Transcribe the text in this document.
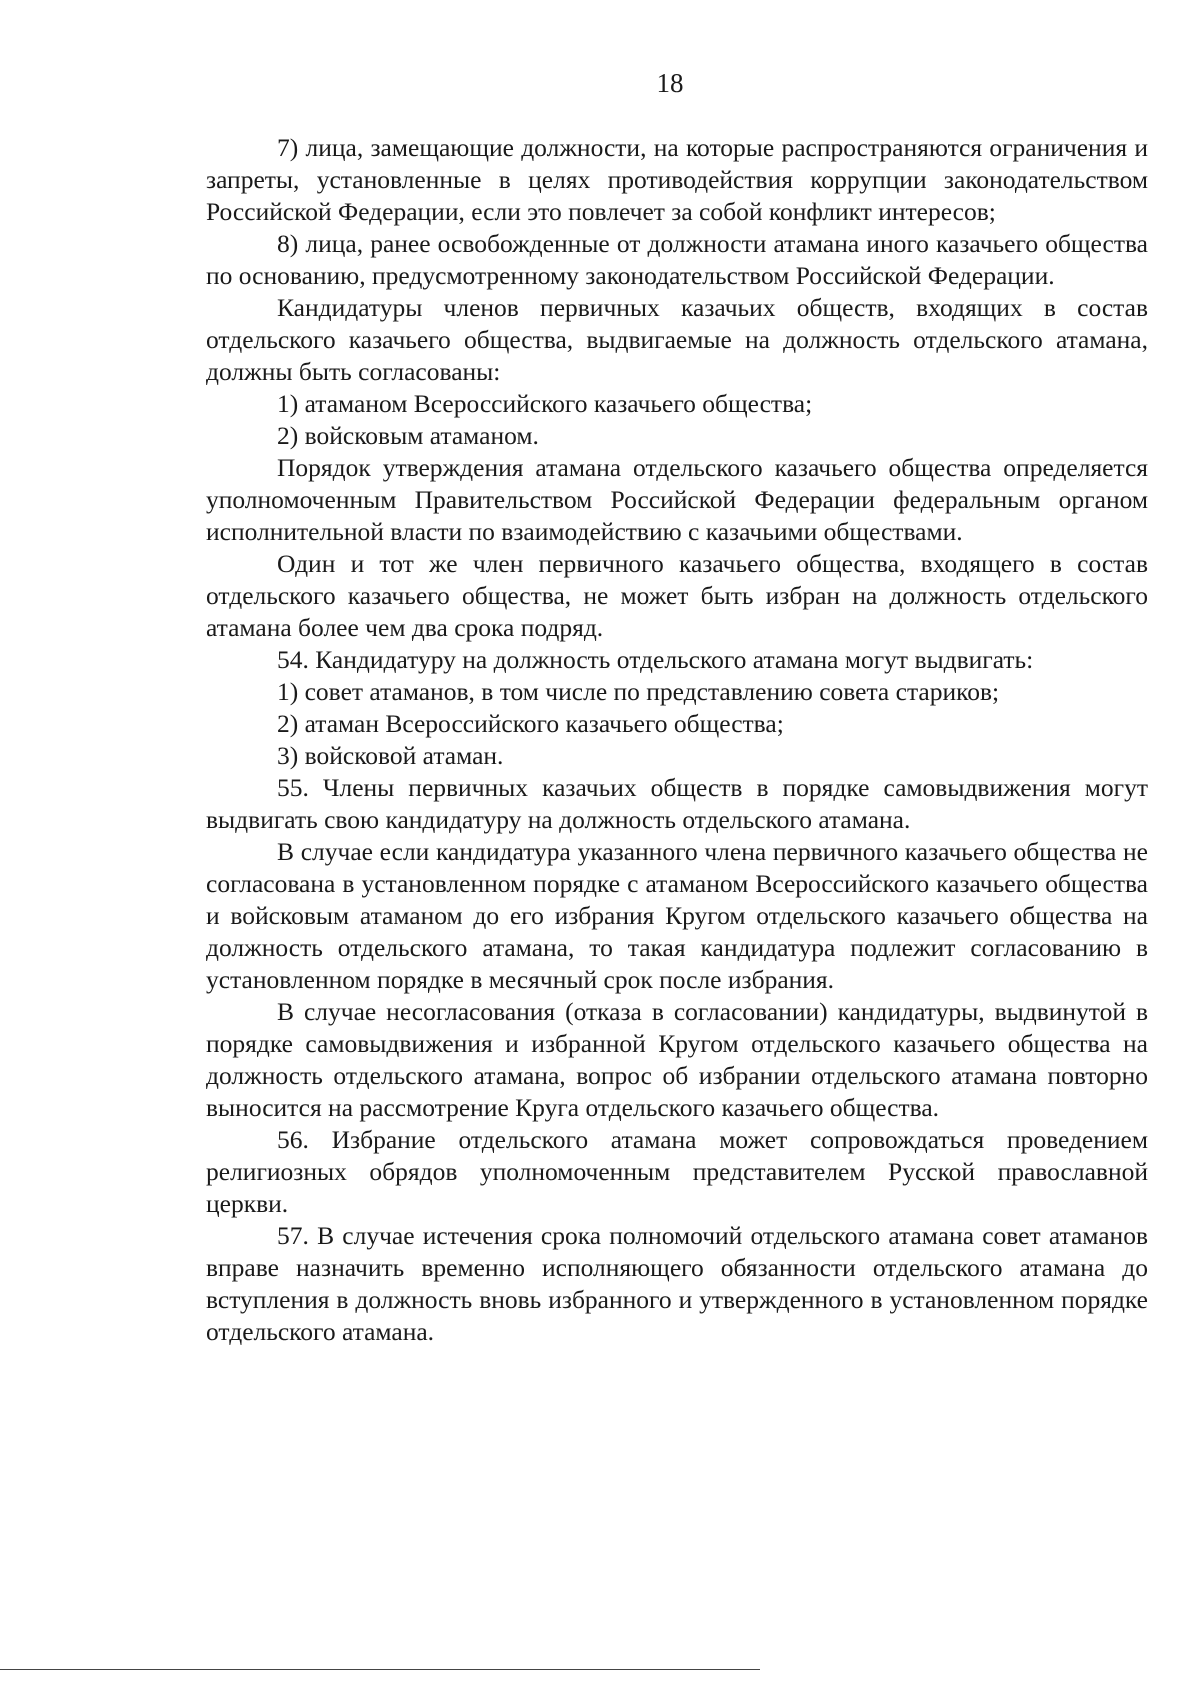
18

7) лица, замещающие должности, на которые распространяются ограничения и запреты, установленные в целях противодействия коррупции законодательством Российской Федерации, если это повлечет за собой конфликт интересов;

8) лица, ранее освобожденные от должности атамана иного казачьего общества по основанию, предусмотренному законодательством Российской Федерации.

Кандидатуры членов первичных казачьих обществ, входящих в состав отдельского казачьего общества, выдвигаемые на должность отдельского атамана, должны быть согласованы:

1) атаманом Всероссийского казачьего общества;

2) войсковым атаманом.

Порядок утверждения атамана отдельского казачьего общества определяется уполномоченным Правительством Российской Федерации федеральным органом исполнительной власти по взаимодействию с казачьими обществами.

Один и тот же член первичного казачьего общества, входящего в состав отдельского казачьего общества, не может быть избран на должность отдельского атамана более чем два срока подряд.

54. Кандидатуру на должность отдельского атамана могут выдвигать:

1) совет атаманов, в том числе по представлению совета стариков;

2) атаман Всероссийского казачьего общества;

3) войсковой атаман.

55. Члены первичных казачьих обществ в порядке самовыдвижения могут выдвигать свою кандидатуру на должность отдельского атамана.

В случае если кандидатура указанного члена первичного казачьего общества не согласована в установленном порядке с атаманом Всероссийского казачьего общества и войсковым атаманом до его избрания Кругом отдельского казачьего общества на должность отдельского атамана, то такая кандидатура подлежит согласованию в установленном порядке в месячный срок после избрания.

В случае несогласования (отказа в согласовании) кандидатуры, выдвинутой в порядке самовыдвижения и избранной Кругом отдельского казачьего общества на должность отдельского атамана, вопрос об избрании отдельского атамана повторно выносится на рассмотрение Круга отдельского казачьего общества.

56. Избрание отдельского атамана может сопровождаться проведением религиозных обрядов уполномоченным представителем Русской православной церкви.

57. В случае истечения срока полномочий отдельского атамана совет атаманов вправе назначить временно исполняющего обязанности отдельского атамана до вступления в должность вновь избранного и утвержденного в установленном порядке отдельского атамана.
